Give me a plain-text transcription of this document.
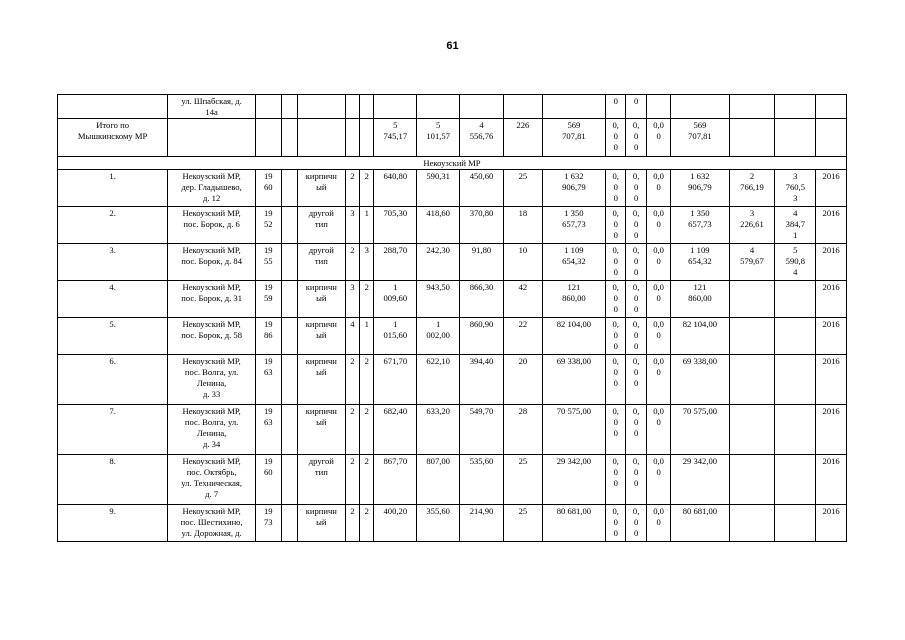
61
	ул. Шпабская, д.
14а											0	0					
Итого по
Мышкинскому МР							5
745,17	5
101,57	4
556,76	226	569
707,81	0,
0
0	0,
0
0	0,0
0	569
707,81			
Некоузский МР																		
1.	Некоузский МР,
дер. Гладышево,
д. 12	19
60		кирпичн
ый	2	2	640,80	590,31	450,60	25	1 632
906,79	0,
0
0	0,
0
0	0,0
0	1 632
906,79	2
766,19	3
760,5
3	2016
2.	Некоузский МР,
пос. Борок, д. 6	19
52		другой
тип	3	1	705,30	418,60	370,80	18	1 350
657,73	0,
0
0	0,
0
0	0,0
0	1 350
657,73	3
226,61	4
384,7
1	2016
3.	Некоузский МР,
пос. Борок, д. 84	19
55		другой
тип	2	3	288,70	242,30	91,80	10	1 109
654,32	0,
0
0	0,
0
0	0,0
0	1 109
654,32	4
579,67	5
590,8
4	2016
4.	Некоузский МР,
пос. Борок, д. 31	19
59		кирпичн
ый	3	2	1
009,60	943,50	866,30	42	121
860,00	0,
0
0	0,
0
0	0,0
0	121
860,00			2016
5.	Некоузский МР,
пос. Борок, д. 58	19
86		кирпичн
ый	4	1	1
015,60	1
002,00	860,90	22	82 104,00	0,
0
0	0,
0
0	0,0
0	82 104,00			2016
6.	Некоузский МР,
пос. Волга, ул.
Ленина,
д. 33	19
63		кирпичн
ый	2	2	671,70	622,10	394,40	20	69 338,00	0,
0
0	0,
0
0	0,0
0	69 338,00			2016
7.	Некоузский МР,
пос. Волга, ул.
Ленина,
д. 34	19
63		кирпичн
ый	2	2	682,40	633,20	549,70	28	70 575,00	0,
0
0	0,
0
0	0,0
0	70 575,00			2016
8.	Некоузский МР,
пос. Октябрь,
ул. Техническая,
д. 7	19
60		другой
тип	2	2	867,70	807,00	535,60	25	29 342,00	0,
0
0	0,
0
0	0,0
0	29 342,00			2016
9.	Некоузский МР,
пос. Шестихино,
ул. Дорожная, д.	19
73		кирпичн
ый	2	2	400,20	355,60	214,90	25	80 681,00	0,
0
0	0,
0
0	0,0
0	80 681,00			2016
